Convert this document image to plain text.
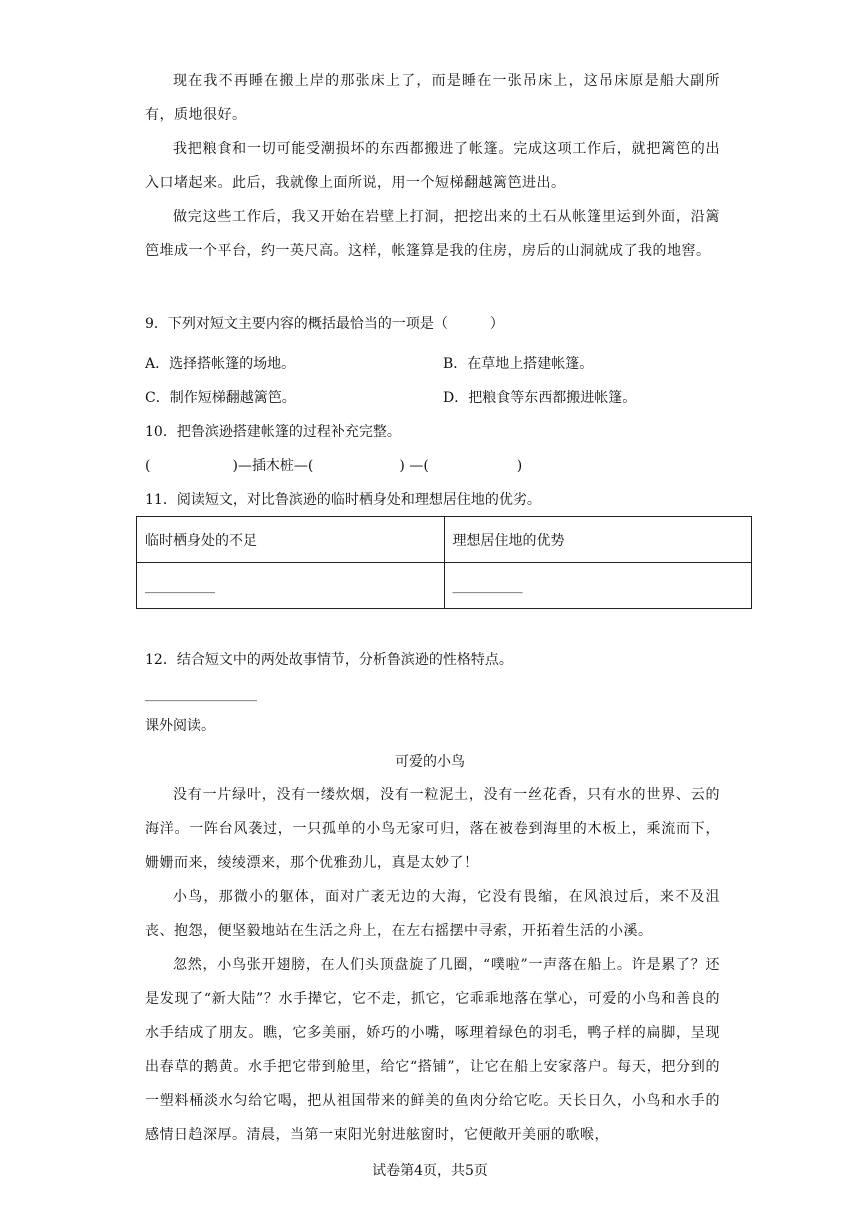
现在我不再睡在搬上岸的那张床上了，而是睡在一张吊床上，这吊床原是船大副所有，质地很好。

我把粮食和一切可能受潮损坏的东西都搬进了帐篷。完成这项工作后，就把篱笆的出入口堵起来。此后，我就像上面所说，用一个短梯翻越篱笆进出。

做完这些工作后，我又开始在岩壁上打洞，把挖出来的土石从帐篷里运到外面，沿篱笆堆成一个平台，约一英尺高。这样，帐篷算是我的住房，房后的山洞就成了我的地窖。

9．下列对短文主要内容的概括最恰当的一项是（　　　）

A．选择搭帐篷的场地。	B．在草地上搭建帐篷。

C．制作短梯翻越篱笆。	D．把粮食等东西都搬进帐篷。

10．把鲁滨逊搭建帐篷的过程补充完整。

(	)—插木桩—(	) —(	)

11．阅读短文，对比鲁滨逊的临时栖身处和理想居住地的优劣。

临时栖身处的不足	理想居住地的优势
__________	__________

12．结合短文中的两处故事情节，分析鲁滨逊的性格特点。

________________

课外阅读。

可爱的小鸟

没有一片绿叶，没有一缕炊烟，没有一粒泥土，没有一丝花香，只有水的世界、云的海洋。一阵台风袭过，一只孤单的小鸟无家可归，落在被卷到海里的木板上，乘流而下，姗姗而来，绫绫漂来，那个优雅劲儿，真是太妙了！

小鸟，那微小的躯体，面对广袤无边的大海，它没有畏缩，在风浪过后，来不及沮丧、抱怨，便坚毅地站在生活之舟上，在左右摇摆中寻索，开拓着生活的小溪。

忽然，小鸟张开翅膀，在人们头顶盘旋了几圈，“噗啦”一声落在船上。许是累了？还是发现了“新大陆”？水手撵它，它不走，抓它，它乖乖地落在掌心，可爱的小鸟和善良的水手结成了朋友。瞧，它多美丽，娇巧的小嘴，啄理着绿色的羽毛，鸭子样的扁脚，呈现出春草的鹅黄。水手把它带到舱里，给它“搭铺”，让它在船上安家落户。每天，把分到的一塑料桶淡水匀给它喝，把从祖国带来的鲜美的鱼肉分给它吃。天长日久，小鸟和水手的感情日趋深厚。清晨，当第一束阳光射进舷窗时，它便敞开美丽的歌喉，

试卷第4页，共5页
